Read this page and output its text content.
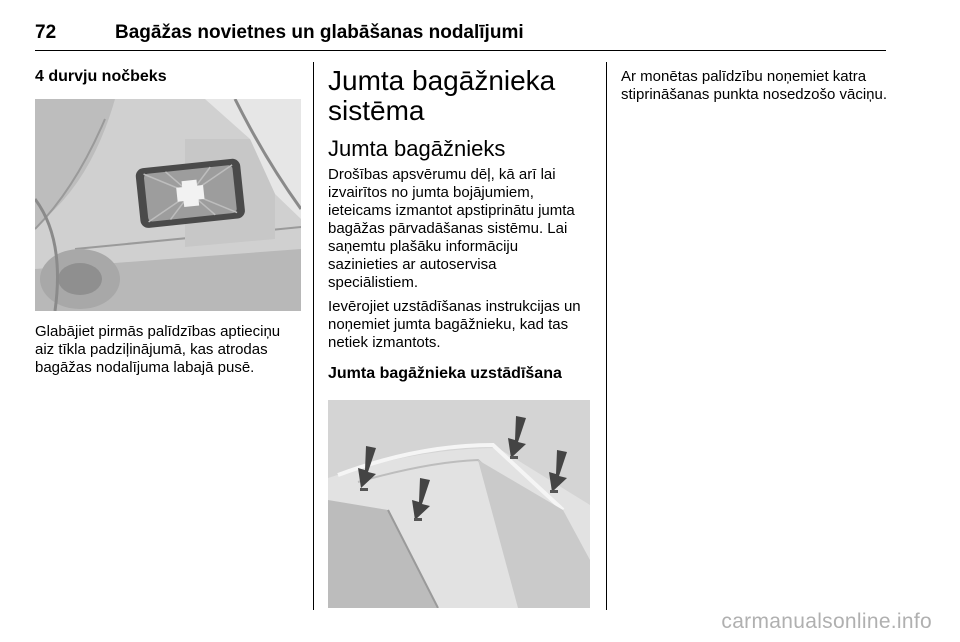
72	Bagāžas novietnes un glabāšanas nodalījumi
4 durvju nočbeks

Glabājiet pirmās palīdzības aptieciņu aiz tīkla padziļinājumā, kas atrodas bagāžas nodalījuma labajā pusē.

Jumta bagāžnieka sistēma
Jumta bagāžnieks

Drošības apsvērumu dēļ, kā arī lai izvairītos no jumta bojājumiem, ieteicams izmantot apstiprinātu jumta bagāžas pārvadāšanas sistēmu. Lai saņemtu plašāku informāciju sazinieties ar autoservisa speciālistiem.

Ievērojiet uzstādīšanas instrukcijas un noņemiet jumta bagāžnieku, kad tas netiek izmantots.

Jumta bagāžnieka uzstādīšana

Ar monētas palīdzību noņemiet katra stiprināšanas punkta nosedzošo vāciņu.

carmanualsonline.info
